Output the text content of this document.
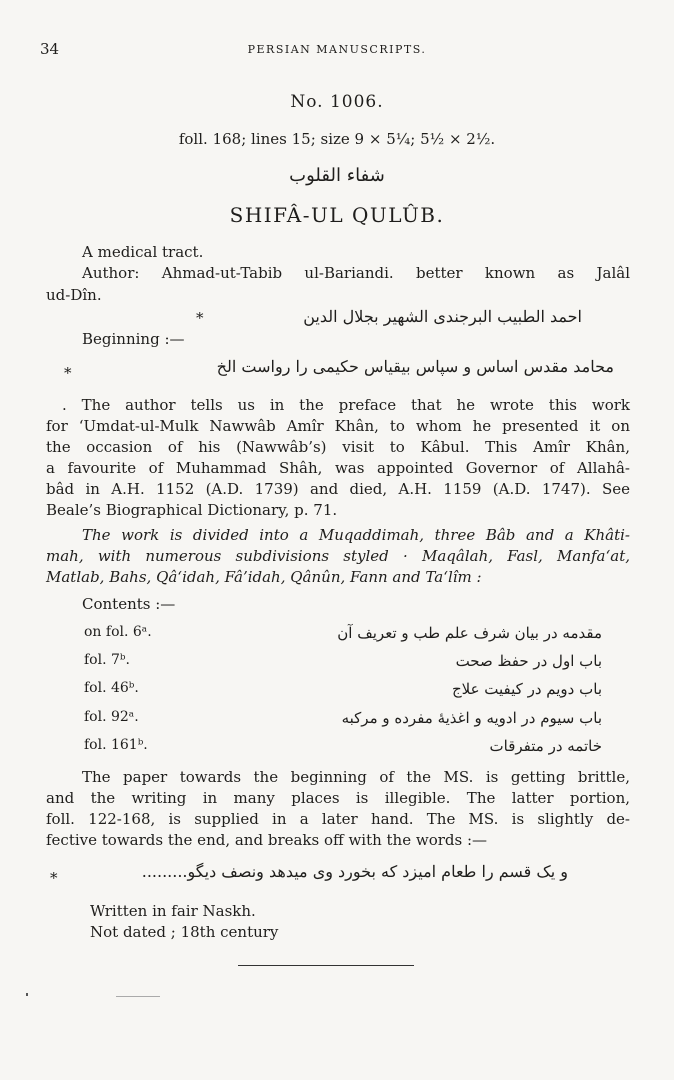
34	PERSIAN MANUSCRIPTS.
No. 1006.
foll. 168; lines 15; size 9 × 5¼; 5½ × 2½.
شفاء القلوب
SHIFÂ-UL QULÛB.
A medical tract.
Author: Ahmad-ut-Tabib ul-Bariandi. better known as Jalâl
ud-Dîn.
احمد الطبيب البرجندى الشهير بجلال الدين
*
Beginning :—
محامد مقدس اساس و سپاس بیقیاس حکیمی را رواست الخ
*
. The author tells us in the preface that he wrote this work
for ‘Umdat-ul-Mulk Nawwâb Amîr Khân, to whom he presented it on
the occasion of his (Nawwâb’s) visit to Kâbul. This Amîr Khân,
a favourite of Muhammad Shâh, was appointed Governor of Allahâ-
bâd in A.H. 1152 (A.D. 1739) and died, A.H. 1159 (A.D. 1747). See
Beale’s Biographical Dictionary, p. 71.
The work is divided into a Muqaddimah, three Bâb and a Khâti-
mah, with numerous subdivisions styled · Maqâlah, Fasl, Manfa‘at,
Matlab, Bahs, Qâ‘idah, Fâ’idah, Qânûn, Fann and Ta‘lîm :
Contents :—
on fol. 6ᵃ.	مقدمه در بیان شرف علم طب و تعریف آن
fol. 7ᵇ.	باب اول در حفظ صحت
fol. 46ᵇ.	باب دویم در کیفیت علاج
fol. 92ᵃ.	باب سیوم در ادویه و اغذیهٔ مفرده و مرکبه
fol. 161ᵇ.	خاتمه در متفرقات
The paper towards the beginning of the MS. is getting brittle,
and the writing in many places is illegible. The latter portion,
foll. 122-168, is supplied in a later hand. The MS. is slightly de-
fective towards the end, and breaks off with the words :—
و یک قسم را طعام امیزد که بخورد وی میدهد ونصف دیگو.........
*
Written in fair Naskh.
Not dated ; 18th century
